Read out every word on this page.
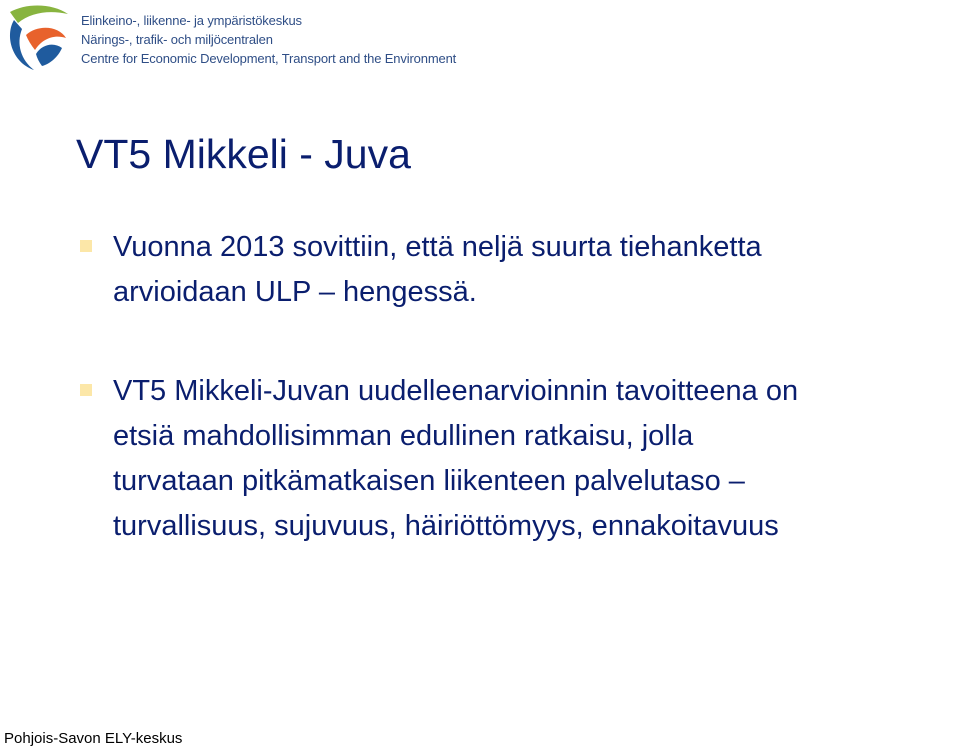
Elinkeino-, liikenne- ja ympäristökeskus
Närings-, trafik- och miljöcentralen
Centre for Economic Development, Transport and the Environment
VT5 Mikkeli - Juva
Vuonna 2013 sovittiin, että neljä suurta tiehanketta
arvioidaan ULP – hengessä.
VT5 Mikkeli-Juvan uudelleenarvioinnin tavoitteena on
etsiä mahdollisimman edullinen ratkaisu, jolla
turvataan pitkämatkaisen liikenteen palvelutaso –
turvallisuus, sujuvuus, häiriöttömyys, ennakoitavuus
Pohjois-Savon ELY-keskus
